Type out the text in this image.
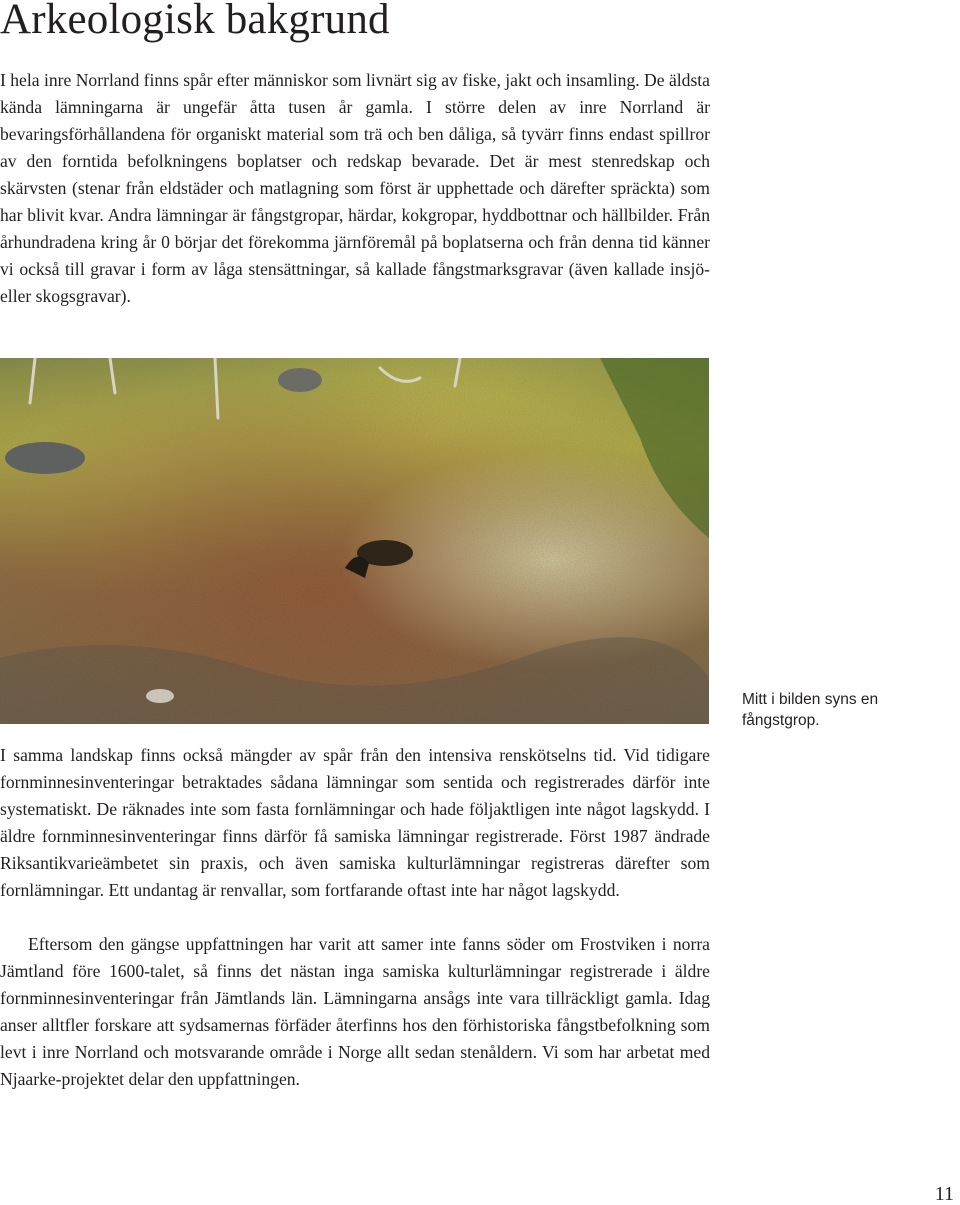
Arkeologisk bakgrund

I hela inre Norrland finns spår efter människor som livnärt sig av fiske, jakt och insamling. De äldsta kända lämningarna är ungefär åtta tusen år gamla. I större delen av inre Norrland är bevaringsförhållandena för organiskt material som trä och ben dåliga, så tyvärr finns endast spillror av den forntida befolkningens boplatser och redskap bevarade. Det är mest stenredskap och skärvsten (stenar från eldstäder och matlagning som först är upphettade och därefter spräckta) som har blivit kvar. Andra lämningar är fångstgropar, härdar, kokgropar, hyddbottnar och hällbilder. Från århundradena kring år 0 börjar det förekomma järnföremål på boplatserna och från denna tid känner vi också till gravar i form av låga stensättningar, så kallade fångstmarksgravar (även kallade insjö- eller skogsgravar).

Mitt i bilden syns en fångstgrop.

I samma landskap finns också mängder av spår från den intensiva renskötselns tid. Vid tidigare fornminnesinventeringar betraktades sådana lämningar som sentida och registrerades därför inte systematiskt. De räknades inte som fasta fornlämningar och hade följaktligen inte något lagskydd. I äldre fornminnesinventeringar finns därför få samiska lämningar registrerade. Först 1987 ändrade Riksantikvarieämbetet sin praxis, och även samiska kulturlämningar registreras därefter som fornlämningar. Ett undantag är renvallar, som fortfarande oftast inte har något lagskydd.

Eftersom den gängse uppfattningen har varit att samer inte fanns söder om Frostviken i norra Jämtland före 1600-talet, så finns det nästan inga samiska kulturlämningar registrerade i äldre fornminnesinventeringar från Jämtlands län. Lämningarna ansågs inte vara tillräckligt gamla. Idag anser alltfler forskare att sydsamernas förfäder återfinns hos den förhistoriska fångstbefolkning som levt i inre Norrland och motsvarande område i Norge allt sedan stenåldern. Vi som har arbetat med Njaarke-projektet delar den uppfattningen.

11
